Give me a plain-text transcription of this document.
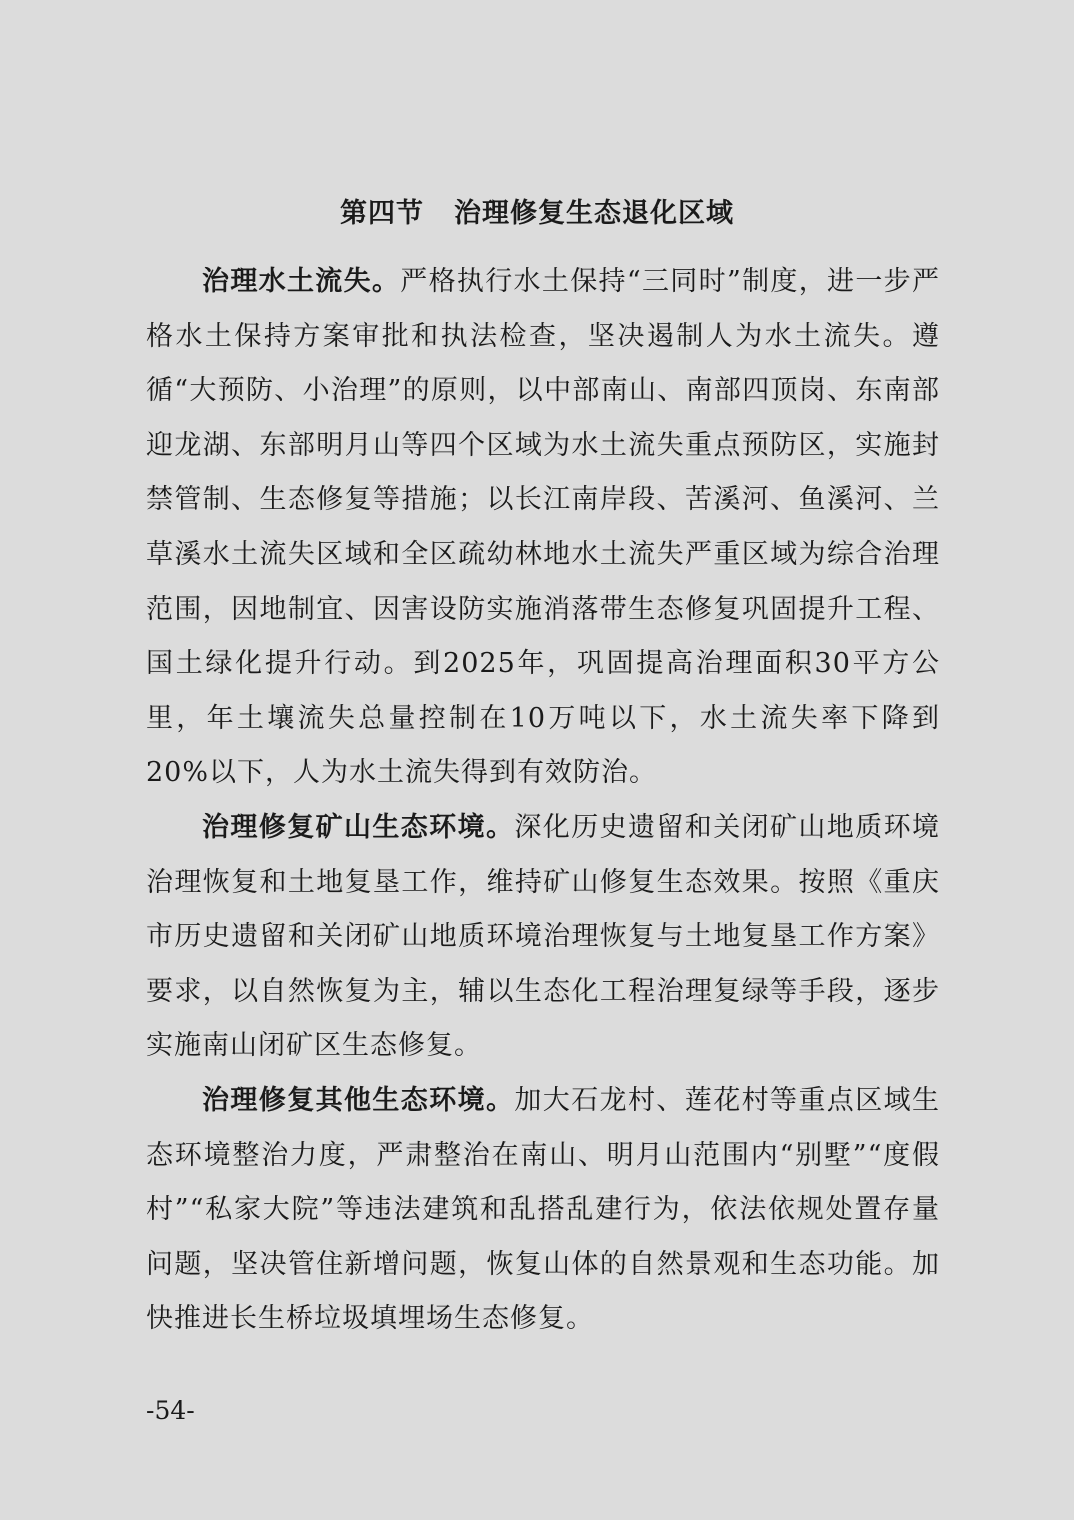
第四节 治理修复生态退化区域

治理水土流失。严格执行水土保持“三同时”制度，进一步严格水土保持方案审批和执法检查，坚决遏制人为水土流失。遵循“大预防、小治理”的原则，以中部南山、南部四顶岗、东南部迎龙湖、东部明月山等四个区域为水土流失重点预防区，实施封禁管制、生态修复等措施；以长江南岸段、苦溪河、鱼溪河、兰草溪水土流失区域和全区疏幼林地水土流失严重区域为综合治理范围，因地制宜、因害设防实施消落带生态修复巩固提升工程、国土绿化提升行动。到2025年，巩固提高治理面积30平方公里，年土壤流失总量控制在10万吨以下，水土流失率下降到20%以下，人为水土流失得到有效防治。

治理修复矿山生态环境。深化历史遗留和关闭矿山地质环境治理恢复和土地复垦工作，维持矿山修复生态效果。按照《重庆市历史遗留和关闭矿山地质环境治理恢复与土地复垦工作方案》要求，以自然恢复为主，辅以生态化工程治理复绿等手段，逐步实施南山闭矿区生态修复。

治理修复其他生态环境。加大石龙村、莲花村等重点区域生态环境整治力度，严肃整治在南山、明月山范围内“别墅”“度假村”“私家大院”等违法建筑和乱搭乱建行为，依法依规处置存量问题，坚决管住新增问题，恢复山体的自然景观和生态功能。加快推进长生桥垃圾填埋场生态修复。

-54-
